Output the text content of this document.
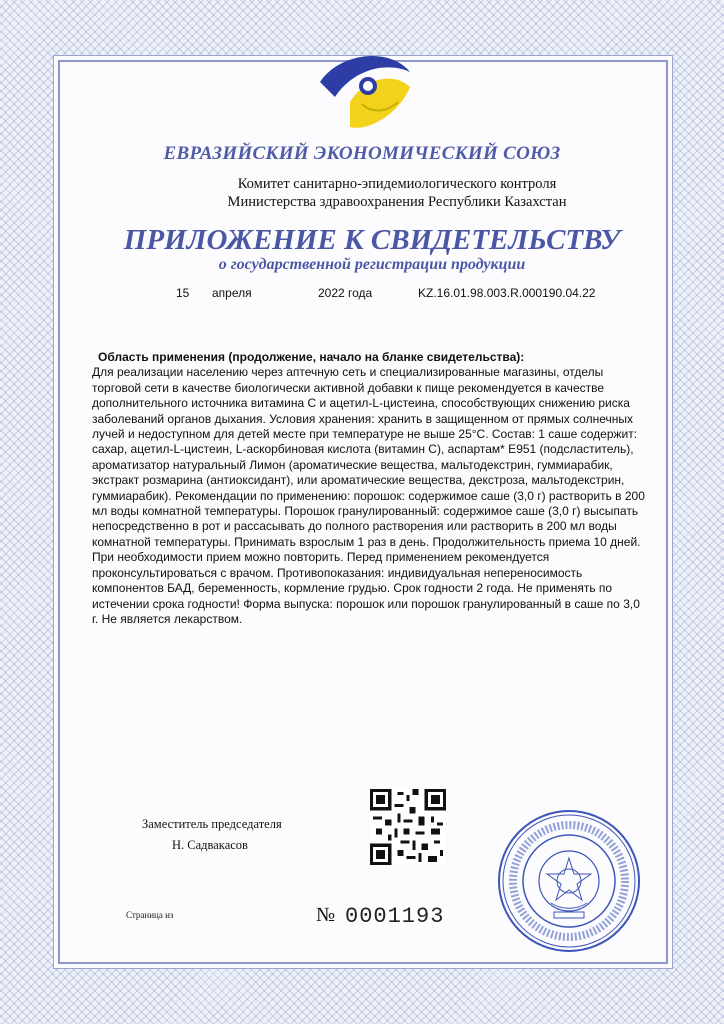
ЕВРАЗИЙСКИЙ ЭКОНОМИЧЕСКИЙ СОЮЗ
Комитет санитарно-эпидемиологического контроля
Министерства здравоохранения Республики Казахстан
ПРИЛОЖЕНИЕ К СВИДЕТЕЛЬСТВУ
о государственной регистрации продукции
15 апреля	2022 года	KZ.16.01.98.003.R.000190.04.22
Область применения (продолжение, начало на бланке свидетельства):
Для реализации населению через аптечную сеть и специализированные магазины, отделы
торговой сети в качестве биологически активной добавки к пище рекомендуется в качестве
дополнительного источника витамина С и ацетил-L-цистеина, способствующих снижению риска
заболеваний органов дыхания. Условия хранения: хранить в защищенном от прямых солнечных
лучей и недоступном для детей месте при температуре не выше 25°С. Состав: 1 саше содержит:
сахар, ацетил-L-цистеин, L-аскорбиновая кислота (витамин С), аспартам* Е951 (подсластитель),
ароматизатор натуральный Лимон (ароматические вещества, мальтодекстрин, гуммиарабик,
экстракт розмарина (антиоксидант), или ароматические вещества, декстроза, мальтодекстрин,
гуммиарабик). Рекомендации по применению: порошок: содержимое саше (3,0 г) растворить в 200
мл воды комнатной температуры. Порошок гранулированный: содержимое саше (3,0 г) высыпать
непосредственно в рот и рассасывать до полного растворения или растворить в 200 мл воды
комнатной температуры. Принимать взрослым 1 раз в день. Продолжительность приема 10 дней.
При необходимости прием можно повторить. Перед применением рекомендуется
проконсультироваться с врачом. Противопоказания: индивидуальная непереносимость
компонентов БАД, беременность, кормление грудью. Срок годности 2 года. Не применять по
истечении срока годности! Форма выпуска: порошок или порошок гранулированный в саше по 3,0
г. Не является лекарством.
Заместитель председателя
Н. Садвакасов
Страница из	№ 0001193
